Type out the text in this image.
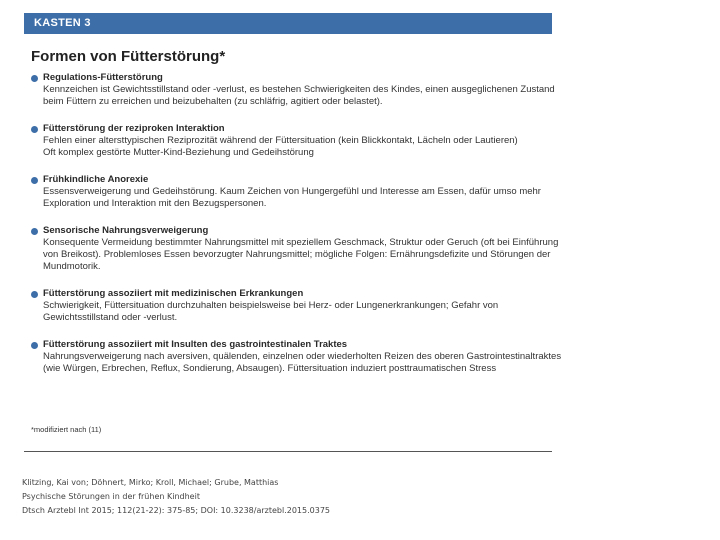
KASTEN 3
Formen von Fütterstörung*
Regulations-Fütterstörung
Kennzeichen ist Gewichtsstillstand oder -verlust, es bestehen Schwierigkeiten des Kindes, einen ausgeglichenen Zustand
beim Füttern zu erreichen und beizubehalten (zu schläfrig, agitiert oder belastet).
Fütterstörung der reziproken Interaktion
Fehlen einer altersttypischen Reziprozität während der Füttersituation (kein Blickkontakt, Lächeln oder Lautieren)
Oft komplex gestörte Mutter-Kind-Beziehung und Gedeihstörung
Frühkindliche Anorexie
Essensverweigerung und Gedeihstörung. Kaum Zeichen von Hungergefühl und Interesse am Essen, dafür umso mehr
Exploration und Interaktion mit den Bezugspersonen.
Sensorische Nahrungsverweigerung
Konsequente Vermeidung bestimmter Nahrungsmittel mit speziellem Geschmack, Struktur oder Geruch (oft bei Einführung
von Breikost). Problemloses Essen bevorzugter Nahrungsmittel; mögliche Folgen: Ernährungsdefizite und Störungen der
Mundmotorik.
Fütterstörung assoziiert mit medizinischen Erkrankungen
Schwierigkeit, Füttersituation durchzuhalten beispielsweise bei Herz- oder Lungenerkrankungen; Gefahr von
Gewichtsstillstand oder -verlust.
Fütterstörung assoziiert mit Insulten des gastrointestinalen Traktes
Nahrungsverweigerung nach aversiven, quälenden, einzelnen oder wiederholten Reizen des oberen Gastrointestinaltraktes
(wie Würgen, Erbrechen, Reflux, Sondierung, Absaugen). Füttersituation induziert posttraumatischen Stress
*modifiziert nach (11)
Klitzing, Kai von; Döhnert, Mirko; Kroll, Michael; Grube, Matthias
Psychische Störungen in der frühen Kindheit
Dtsch Arztebl Int 2015; 112(21-22): 375-85; DOI: 10.3238/arztebl.2015.0375
